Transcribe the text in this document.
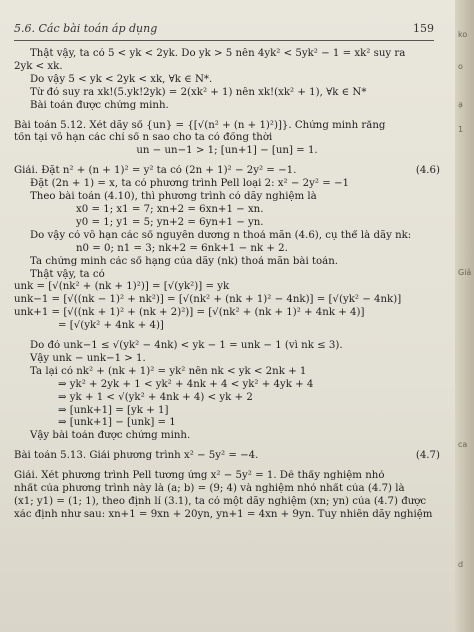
5.6. Các bài toán áp dụng	159
Thật vậy, ta có 5 < yk < 2yk. Do yk > 5 nên 4yk² < 5yk² − 1 = xk² suy ra
2yk < xk.
Do vậy 5 < yk < 2yk < xk, ∀k ∈ N*.
Từ đó suy ra xk!(5.yk!2yk) = 2(xk² + 1) nên xk!(xk² + 1), ∀k ∈ N*
Bài toán được chứng minh.
Bài toán 5.12. Xét dãy số {un} = {[√(n² + (n + 1)²)]}. Chứng minh rằng
tồn tại vô hạn các chỉ số n sao cho ta có đồng thời
un − un−1 > 1; [un+1] − [un] = 1.
Giải. Đặt n² + (n + 1)² = y² ta có (2n + 1)² − 2y² = −1.	(4.6)
Đặt (2n + 1) = x, ta có phương trình Pell loại 2: x² − 2y² = −1
Theo bài toán (4.10), thì phương trình có dãy nghiệm là
x0 = 1; x1 = 7; xn+2 = 6xn+1 − xn.
y0 = 1; y1 = 5; yn+2 = 6yn+1 − yn.
Do vậy có vô hạn các số nguyên dương n thoả mãn (4.6), cụ thể là dãy nk:
n0 = 0; n1 = 3; nk+2 = 6nk+1 − nk + 2.
Ta chứng minh các số hạng của dãy (nk) thoả mãn bài toán.
Thật vậy, ta có
unk = [√(nk² + (nk + 1)²)] = [√(yk²)] = yk
unk−1 = [√((nk − 1)² + nk²)] = [√(nk² + (nk + 1)² − 4nk)] = [√(yk² − 4nk)]
unk+1 = [√((nk + 1)² + (nk + 2)²)] = [√(nk² + (nk + 1)² + 4nk + 4)]
= [√(yk² + 4nk + 4)]
Do đó unk−1 ≤ √(yk² − 4nk) < yk − 1 = unk − 1 (vì nk ≤ 3).
Vậy unk − unk−1 > 1.
Ta lại có nk² + (nk + 1)² = yk² nên nk < yk < 2nk + 1
⇒ yk² + 2yk + 1 < yk² + 4nk + 4 < yk² + 4yk + 4
⇒ yk + 1 < √(yk² + 4nk + 4) < yk + 2
⇒ [unk+1] = [yk + 1]
⇒ [unk+1] − [unk] = 1
Vậy bài toán được chứng minh.
Bài toán 5.13. Giải phương trình x² − 5y² = −4.	(4.7)
Giải. Xét phương trình Pell tương ứng x² − 5y² = 1. Dễ thấy nghiệm nhỏ
nhất của phương trình này là (a; b) = (9; 4) và nghiệm nhỏ nhất của (4.7) là
(x1; y1) = (1; 1), theo định lí (3.1), ta có một dãy nghiệm (xn; yn) của (4.7) được
xác định như sau: xn+1 = 9xn + 20yn, yn+1 = 4xn + 9yn. Tuy nhiên dãy nghiệm
ko
o
ạ
1
Giả
ca
d
